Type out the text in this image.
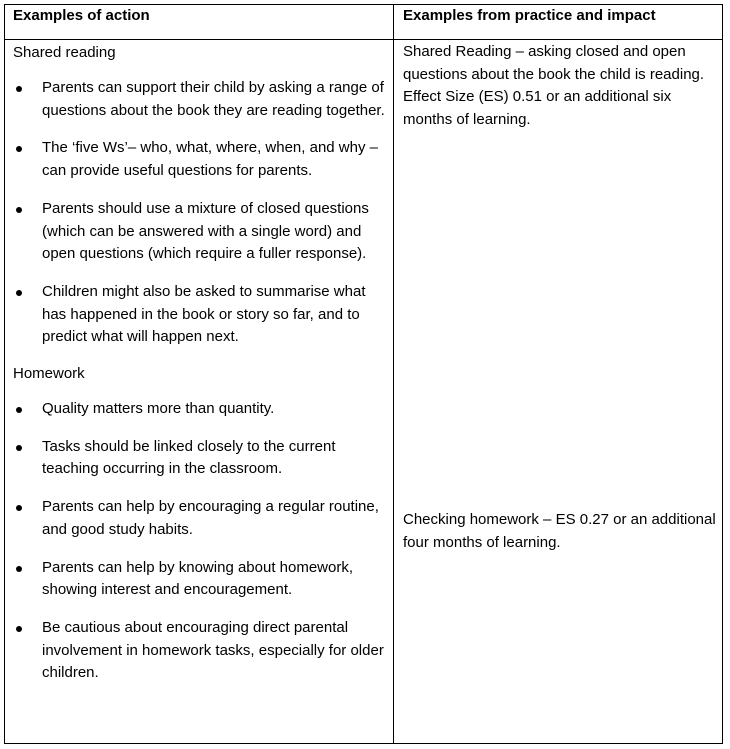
Examples of action	Examples from practice and impact
Shared reading
Parents can support their child by asking a range of questions about the book they are reading together.
The ‘five Ws’– who, what, where, when, and why – can provide useful questions for parents.
Parents should use a mixture of closed questions (which can be answered with a single word) and open questions (which require a fuller response).
Children might also be asked to summarise what has happened in the book or story so far, and to predict what will happen next.
Homework
Quality matters more than quantity.
Tasks should be linked closely to the current teaching occurring in the classroom.
Parents can help by encouraging a regular routine, and good study habits.
Parents can help by knowing about homework, showing interest and encouragement.
Be cautious about encouraging direct parental involvement in homework tasks, especially for older children.
Shared Reading – asking closed and open questions about the book the child is reading. Effect Size (ES) 0.51 or an additional six months of learning.
Checking homework – ES 0.27 or an additional four months of learning.
